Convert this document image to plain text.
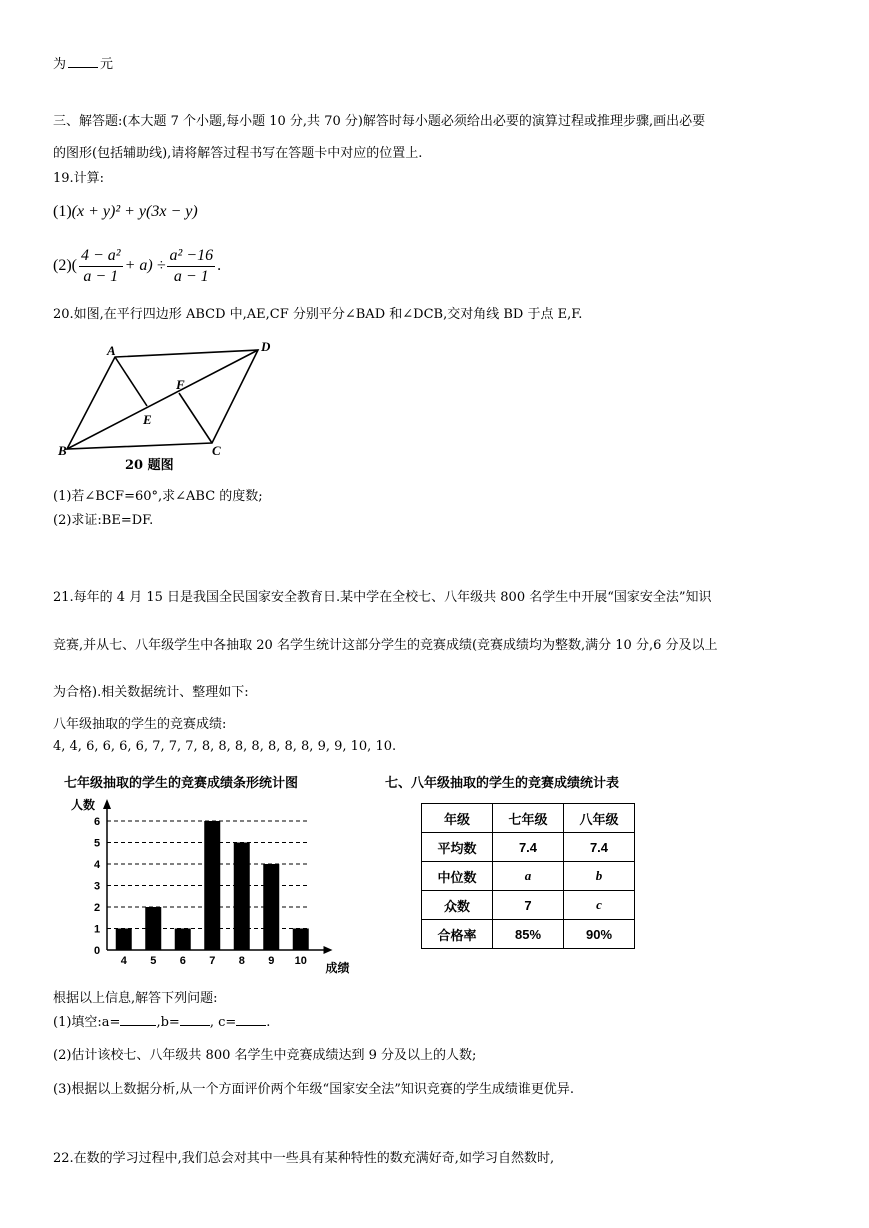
为	元
三、解答题:(本大题 7 个小题,每小题 10 分,共 70 分)解答时每小题必须给出必要的演算过程或推理步骤,画出必要
的图形(包括辅助线),请将解答过程书写在答题卡中对应的位置上.
19.计算:
(1)(x + y)² + y(3x − y)
$(2)( \frac{\text{4 − a²}}{a - 1} + a) \div \frac{\text{a² −16}}{a - 1}$ .
20.如图,在平行四边形 ABCD 中,AE,CF 分别平分∠BAD 和∠DCB,交对角线 BD 于点 E,F.
A	D
F
E
B	C
20 题图
(1)若∠BCF=60°,求∠ABC 的度数;
(2)求证:BE=DF.
21.每年的 4 月 15 日是我国全民国家安全教育日.某中学在全校七、八年级共 800 名学生中开展“国家安全法”知识
竞赛,并从七、八年级学生中各抽取 20 名学生统计这部分学生的竞赛成绩(竞赛成绩均为整数,满分 10 分,6 分及以上
为合格).相关数据统计、整理如下:
八年级抽取的学生的竞赛成绩:
4, 4, 6, 6, 6, 6, 7, 7, 7, 8, 8, 8, 8, 8, 8, 8, 9, 9, 10, 10.
七年级抽取的学生的竞赛成绩条形统计图
0
1
2
3
4
5
6
4 5 6 7 8 9 10
人数
成绩
七、八年级抽取的学生的竞赛成绩统计表
年级	七年级	八年级
平均数	7.4	7.4
中位数	a	b
众数	7	c
合格率	85%	90%
根据以上信息,解答下列问题:
(1)填空:a=	,b= , c= .
(2)估计该校七、八年级共 800 名学生中竞赛成绩达到 9 分及以上的人数;
(3)根据以上数据分析,从一个方面评价两个年级“国家安全法”知识竞赛的学生成绩谁更优异.
22.在数的学习过程中,我们总会对其中一些具有某种特性的数充满好奇,如学习自然数时,
